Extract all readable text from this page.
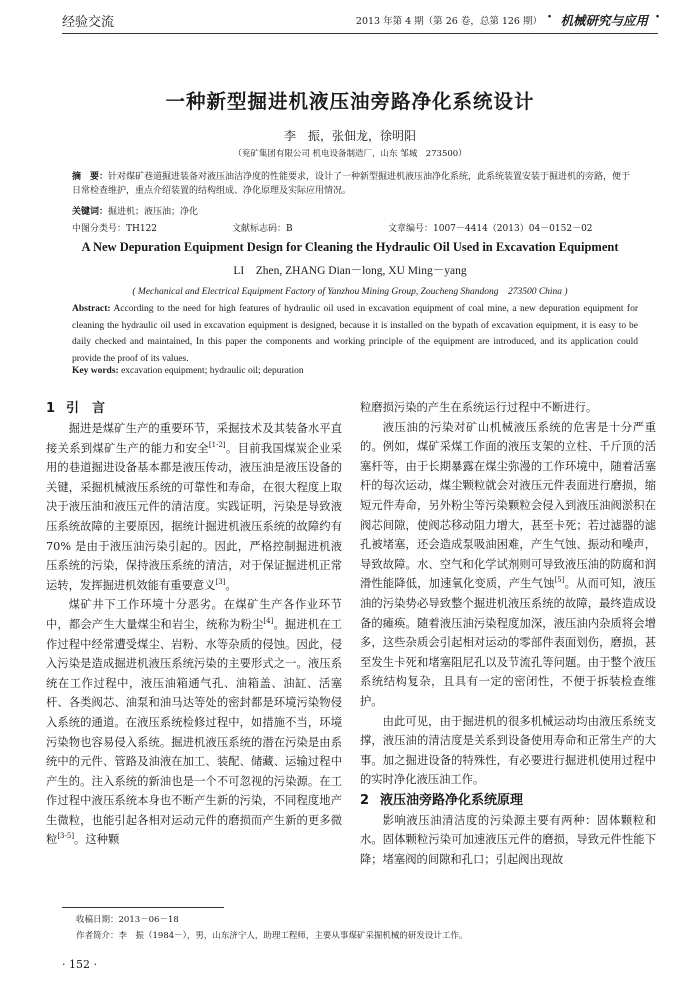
经验交流	2013 年第 4 期（第 26 卷，总第 126 期） · 机械研究与应用 ·
一种新型掘进机液压油旁路净化系统设计
李　振，张佃龙，徐明阳
（兖矿集团有限公司 机电设备制造厂，山东 邹城　273500）
摘　要：针对煤矿巷道掘进装备对液压油洁净度的性能要求，设计了一种新型掘进机液压油净化系统，此系统装置安装于掘进机的旁路，便于日常检查维护，重点介绍装置的结构组成、净化原理及实际应用情况。
关键词：掘进机；液压油；净化
中图分类号：TH122	文献标志码：B	文章编号：1007－4414（2013）04－0152－02
A New Depuration Equipment Design for Cleaning the Hydraulic Oil Used in Excavation Equipment
LI　Zhen, ZHANG Dian－long, XU Ming－yang
( Mechanical and Electrical Equipment Factory of Yanzhou Mining Group, Zoucheng Shandong　273500 China )
Abstract: According to the need for high features of hydraulic oil used in excavation equipment of coal mine, a new depuration equipment for cleaning the hydraulic oil used in excavation equipment is designed, because it is installed on the bypath of excavation equipment, it is easy to be daily checked and maintained, In this paper the components and working principle of the equipment are introduced, and its application could provide the proof of its values.
Key words: excavation equipment; hydraulic oil; depuration
1 引　言

掘进是煤矿生产的重要环节，采掘技术及其装备水平直接关系到煤矿生产的能力和安全[1-2]。目前我国煤炭企业采用的巷道掘进设备基本都是液压传动，液压油是液压设备的关键，采掘机械液压系统的可靠性和寿命，在很大程度上取决于液压油和液压元件的清洁度。实践证明，污染是导致液压系统故障的主要原因，据统计掘进机液压系统的故障约有 70% 是由于液压油污染引起的。因此，严格控制掘进机液压系统的污染，保持液压系统的清洁，对于保证掘进机正常运转，发挥掘进机效能有重要意义[3]。

煤矿井下工作环境十分恶劣。在煤矿生产各作业环节中，都会产生大量煤尘和岩尘，统称为粉尘[4]。掘进机在工作过程中经常遭受煤尘、岩粉、水等杂质的侵蚀。因此，侵入污染是造成掘进机液压系统污染的主要形式之一。液压系统在工作过程中，液压油箱通气孔、油箱盖、油缸、活塞杆、各类阀芯、油泵和油马达等处的密封都是环境污染物侵入系统的通道。在液压系统检修过程中，如措施不当，环境污染物也容易侵入系统。掘进机液压系统的潜在污染是由系统中的元件、管路及油液在加工、装配、储藏、运输过程中产生的。注入系统的新油也是一个不可忽视的污染源。在工作过程中液压系统本身也不断产生新的污染，不同程度地产生微粒，也能引起各相对运动元件的磨损而产生新的更多微粒[3-5]。这种颗

粒磨损污染的产生在系统运行过程中不断进行。

液压油的污染对矿山机械液压系统的危害是十分严重的。例如，煤矿采煤工作面的液压支架的立柱、千斤顶的活塞杆等，由于长期暴露在煤尘弥漫的工作环境中，随着活塞杆的每次运动，煤尘颗粒就会对液压元件表面进行磨损，缩短元件寿命，另外粉尘等污染颗粒会侵入到液压油阀淤积在阀芯间隙，使阀芯移动阻力增大，甚至卡死；若过滤器的滤孔被堵塞，还会造成泵吸油困难，产生气蚀、振动和噪声，导致故障。水、空气和化学试剂则可导致液压油的防腐和润滑性能降低，加速氧化变质，产生气蚀[5]。从而可知，液压油的污染势必导致整个掘进机液压系统的故障，最终造成设备的瘫痪。随着液压油污染程度加深，液压油内杂质将会增多，这些杂质会引起相对运动的零部件表面划伤，磨损，甚至发生卡死和堵塞阻尼孔以及节流孔等问题。由于整个液压系统结构复杂，且具有一定的密闭性，不便于拆装检查维护。

由此可见，由于掘进机的很多机械运动均由液压系统支撑，液压油的清洁度是关系到设备使用寿命和正常生产的大事。加之掘进设备的特殊性，有必要进行掘进机使用过程中的实时净化液压油工作。

2 液压油旁路净化系统原理

影响液压油清洁度的污染源主要有两种：固体颗粒和水。固体颗粒污染可加速液压元件的磨损，导致元件性能下降；堵塞阀的间隙和孔口；引起阀出现故

收稿日期：2013－06－18
作者简介：李　振（1984－），男，山东济宁人，助理工程师，主要从事煤矿采掘机械的研发设计工作。
· 152 ·
